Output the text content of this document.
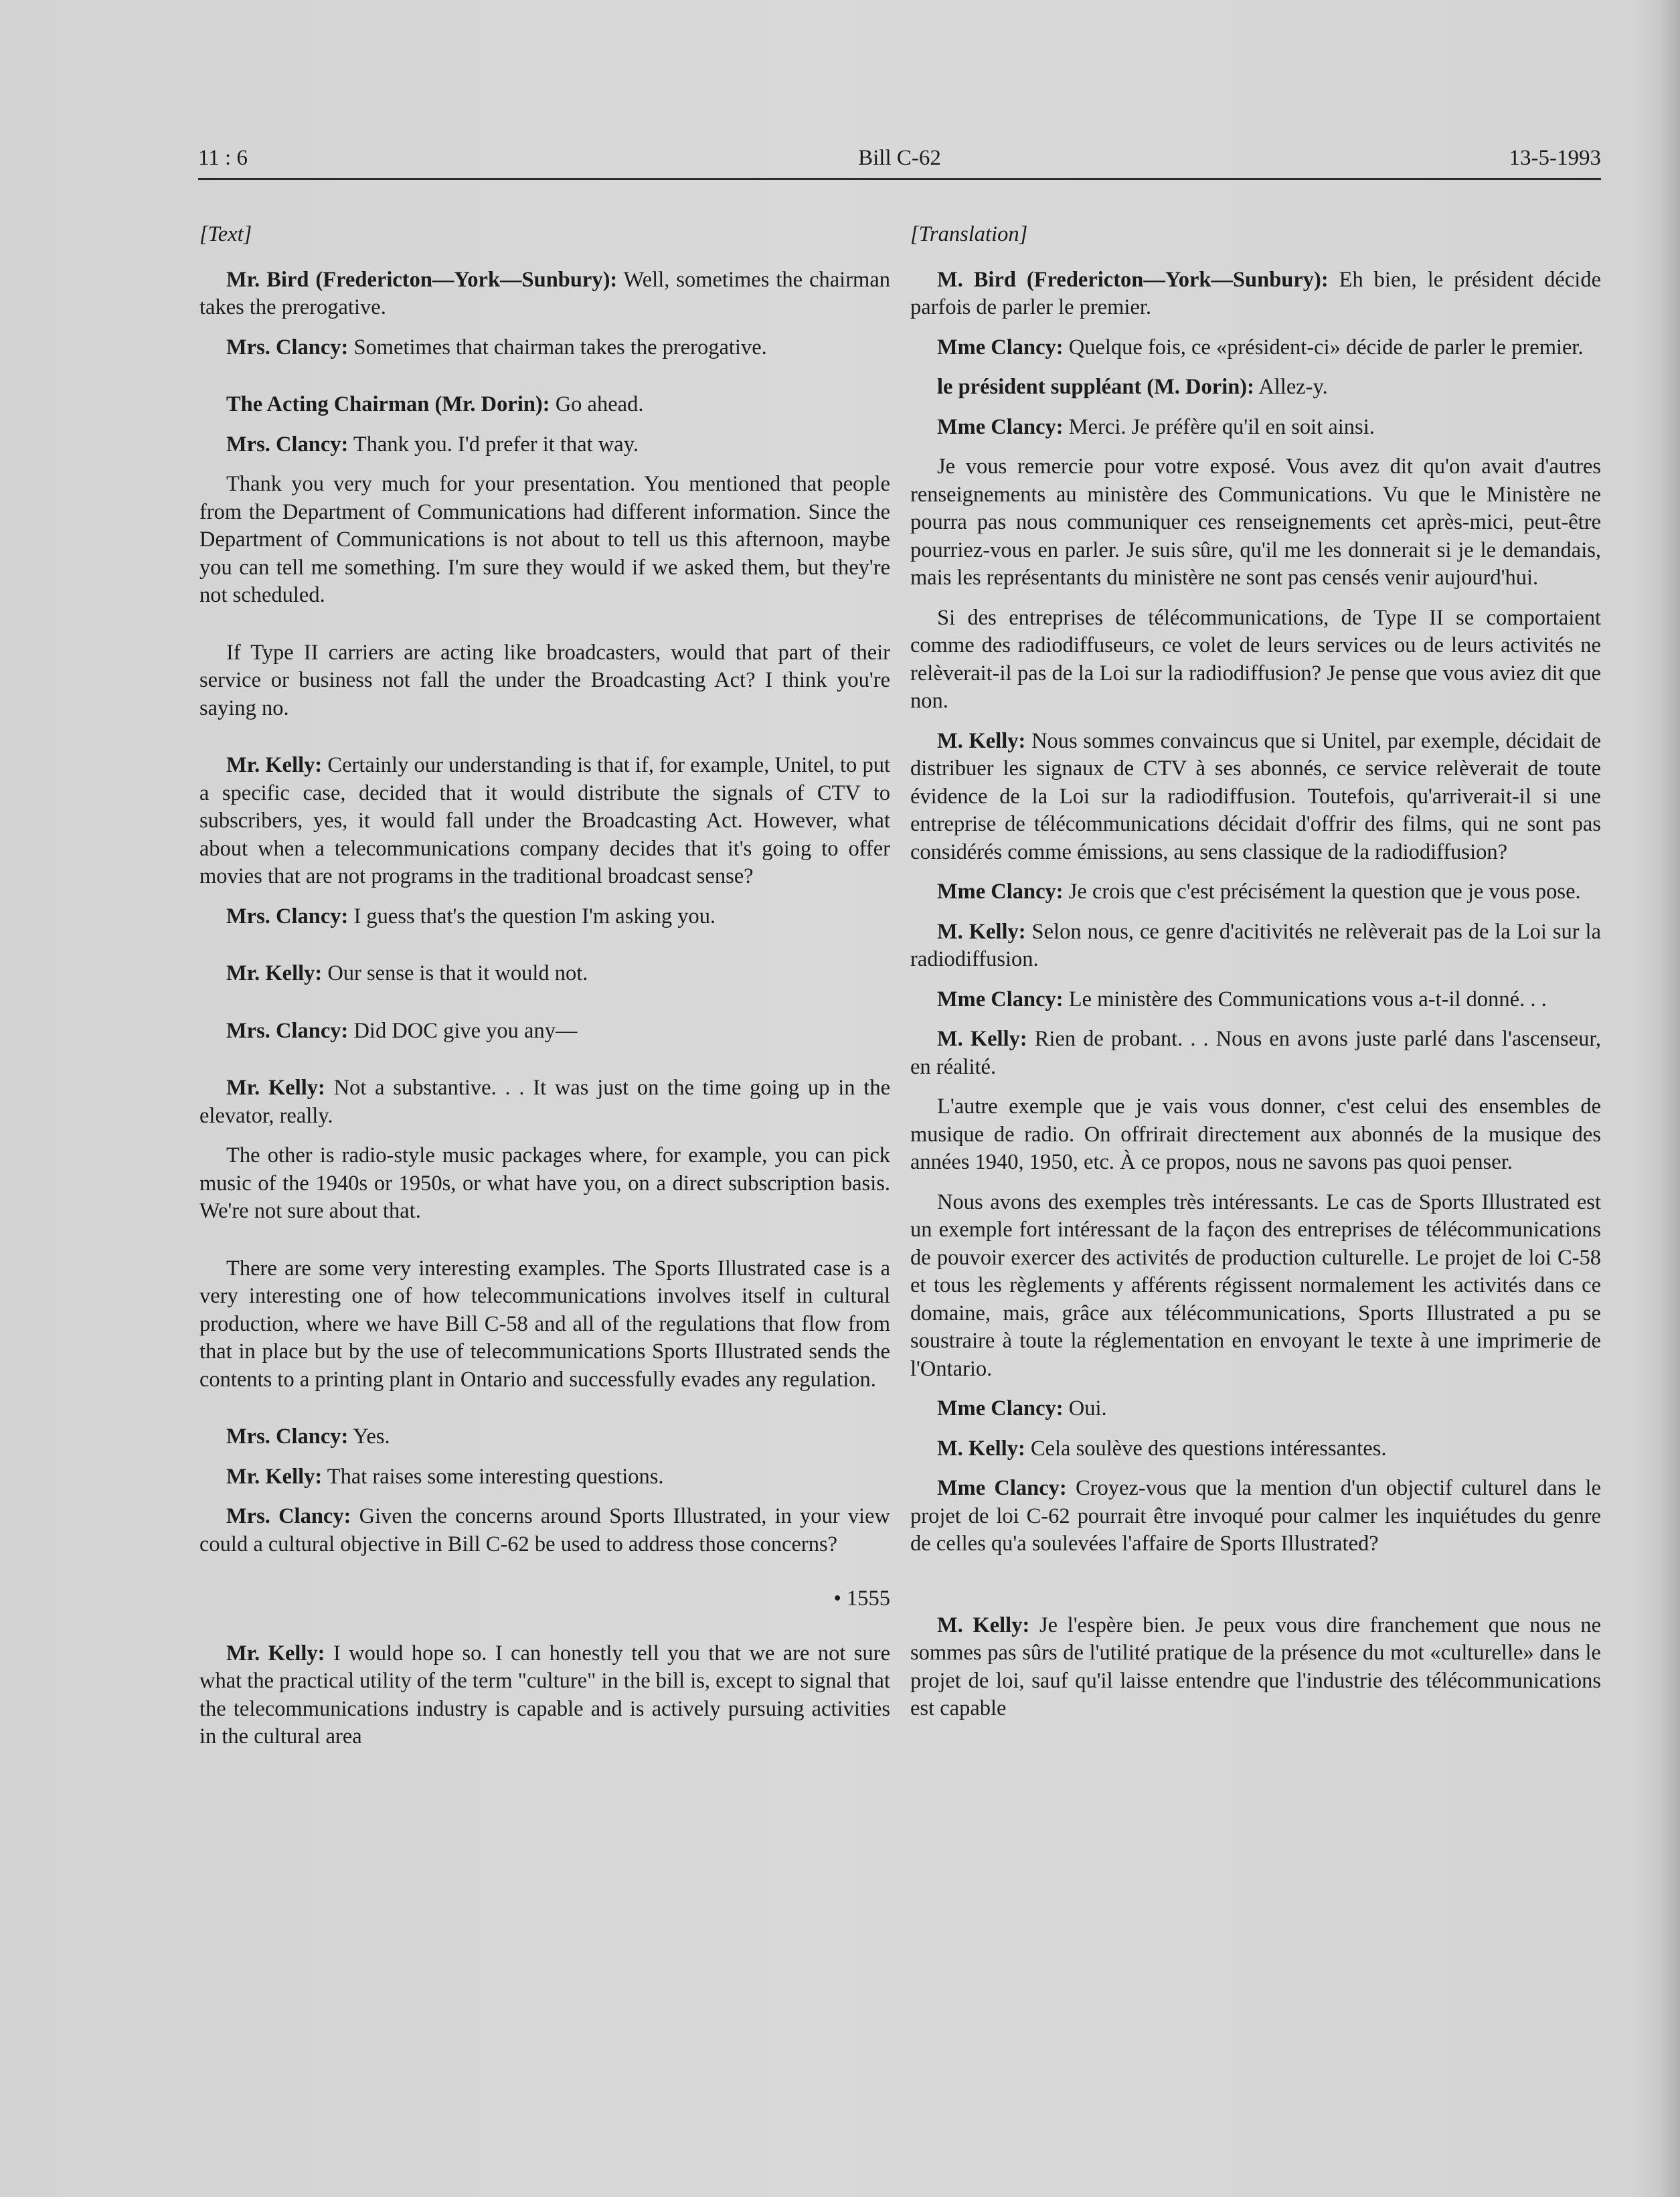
11 : 6	Bill C-62	13-5-1993

[Text]

Mr. Bird (Fredericton—York—Sunbury): Well, sometimes the chairman takes the prerogative.

Mrs. Clancy: Sometimes that chairman takes the prerogative.

The Acting Chairman (Mr. Dorin): Go ahead.

Mrs. Clancy: Thank you. I'd prefer it that way.

Thank you very much for your presentation. You mentioned that people from the Department of Communications had different information. Since the Department of Communications is not about to tell us this afternoon, maybe you can tell me something. I'm sure they would if we asked them, but they're not scheduled.

If Type II carriers are acting like broadcasters, would that part of their service or business not fall the under the Broadcasting Act? I think you're saying no.

Mr. Kelly: Certainly our understanding is that if, for example, Unitel, to put a specific case, decided that it would distribute the signals of CTV to subscribers, yes, it would fall under the Broadcasting Act. However, what about when a telecommunications company decides that it's going to offer movies that are not programs in the traditional broadcast sense?

Mrs. Clancy: I guess that's the question I'm asking you.

Mr. Kelly: Our sense is that it would not.

Mrs. Clancy: Did DOC give you any—

Mr. Kelly: Not a substantive. . . It was just on the time going up in the elevator, really.

The other is radio-style music packages where, for example, you can pick music of the 1940s or 1950s, or what have you, on a direct subscription basis. We're not sure about that.

There are some very interesting examples. The Sports Illustrated case is a very interesting one of how telecommunications involves itself in cultural production, where we have Bill C-58 and all of the regulations that flow from that in place but by the use of telecommunications Sports Illustrated sends the contents to a printing plant in Ontario and successfully evades any regulation.

Mrs. Clancy: Yes.

Mr. Kelly: That raises some interesting questions.

Mrs. Clancy: Given the concerns around Sports Illustrated, in your view could a cultural objective in Bill C-62 be used to address those concerns?

• 1555

Mr. Kelly: I would hope so. I can honestly tell you that we are not sure what the practical utility of the term "culture" in the bill is, except to signal that the telecommunications industry is capable and is actively pursuing activities in the cultural area

[Translation]

M. Bird (Fredericton—York—Sunbury): Eh bien, le président décide parfois de parler le premier.

Mme Clancy: Quelque fois, ce «président-ci» décide de parler le premier.

le président suppléant (M. Dorin): Allez-y.

Mme Clancy: Merci. Je préfère qu'il en soit ainsi.

Je vous remercie pour votre exposé. Vous avez dit qu'on avait d'autres renseignements au ministère des Communications. Vu que le Ministère ne pourra pas nous communiquer ces renseignements cet après-mici, peut-être pourriez-vous en parler. Je suis sûre, qu'il me les donnerait si je le demandais, mais les représentants du ministère ne sont pas censés venir aujourd'hui.

Si des entreprises de télécommunications, de Type II se comportaient comme des radiodiffuseurs, ce volet de leurs services ou de leurs activités ne relèverait-il pas de la Loi sur la radiodiffusion? Je pense que vous aviez dit que non.

M. Kelly: Nous sommes convaincus que si Unitel, par exemple, décidait de distribuer les signaux de CTV à ses abonnés, ce service relèverait de toute évidence de la Loi sur la radiodiffusion. Toutefois, qu'arriverait-il si une entreprise de télécommunications décidait d'offrir des films, qui ne sont pas considérés comme émissions, au sens classique de la radiodiffusion?

Mme Clancy: Je crois que c'est précisément la question que je vous pose.

M. Kelly: Selon nous, ce genre d'acitivités ne relèverait pas de la Loi sur la radiodiffusion.

Mme Clancy: Le ministère des Communications vous a-t-il donné. . .

M. Kelly: Rien de probant. . . Nous en avons juste parlé dans l'ascenseur, en réalité.

L'autre exemple que je vais vous donner, c'est celui des ensembles de musique de radio. On offrirait directement aux abonnés de la musique des années 1940, 1950, etc. À ce propos, nous ne savons pas quoi penser.

Nous avons des exemples très intéressants. Le cas de Sports Illustrated est un exemple fort intéressant de la façon des entreprises de télécommunications de pouvoir exercer des activités de production culturelle. Le projet de loi C-58 et tous les règlements y afférents régissent normalement les activités dans ce domaine, mais, grâce aux télécommunications, Sports Illustrated a pu se soustraire à toute la réglementation en envoyant le texte à une imprimerie de l'Ontario.

Mme Clancy: Oui.

M. Kelly: Cela soulève des questions intéressantes.

Mme Clancy: Croyez-vous que la mention d'un objectif culturel dans le projet de loi C-62 pourrait être invoqué pour calmer les inquiétudes du genre de celles qu'a soulevées l'affaire de Sports Illustrated?

M. Kelly: Je l'espère bien. Je peux vous dire franchement que nous ne sommes pas sûrs de l'utilité pratique de la présence du mot «culturelle» dans le projet de loi, sauf qu'il laisse entendre que l'industrie des télécommunications est capable
